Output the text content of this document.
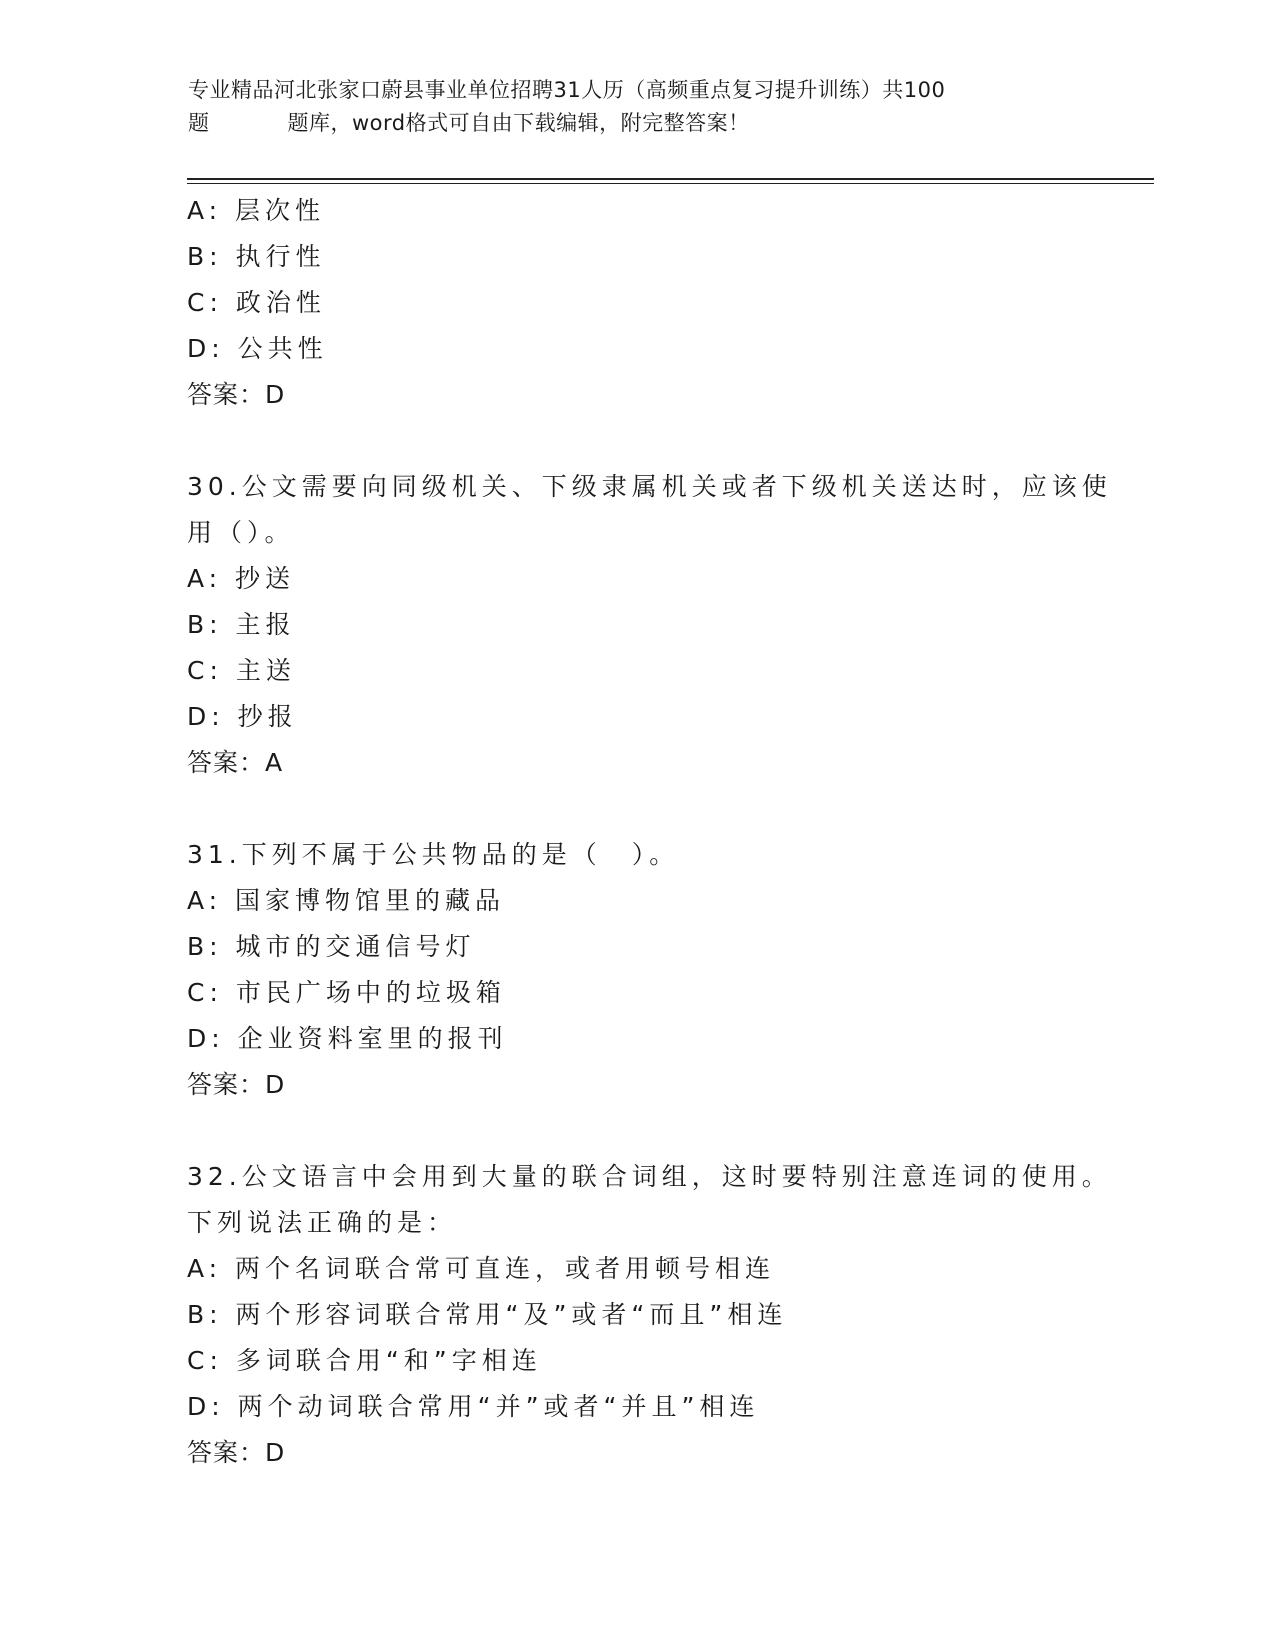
专业精品河北张家口蔚县事业单位招聘31人历（高频重点复习提升训练）共100
题	题库，word格式可自由下载编辑，附完整答案！
A: 层次性
B: 执行性
C: 政治性
D: 公共性
答案：D
30.公文需要向同级机关、下级隶属机关或者下级机关送达时，应该使
用（）。
A: 抄送
B: 主报
C: 主送
D: 抄报
答案：A
31.下列不属于公共物品的是（　）。
A: 国家博物馆里的藏品
B: 城市的交通信号灯
C: 市民广场中的垃圾箱
D: 企业资料室里的报刊
答案：D
32.公文语言中会用到大量的联合词组，这时要特别注意连词的使用。
下列说法正确的是：
A: 两个名词联合常可直连，或者用顿号相连
B: 两个形容词联合常用“及”或者“而且”相连
C: 多词联合用“和”字相连
D: 两个动词联合常用“并”或者“并且”相连
答案：D
